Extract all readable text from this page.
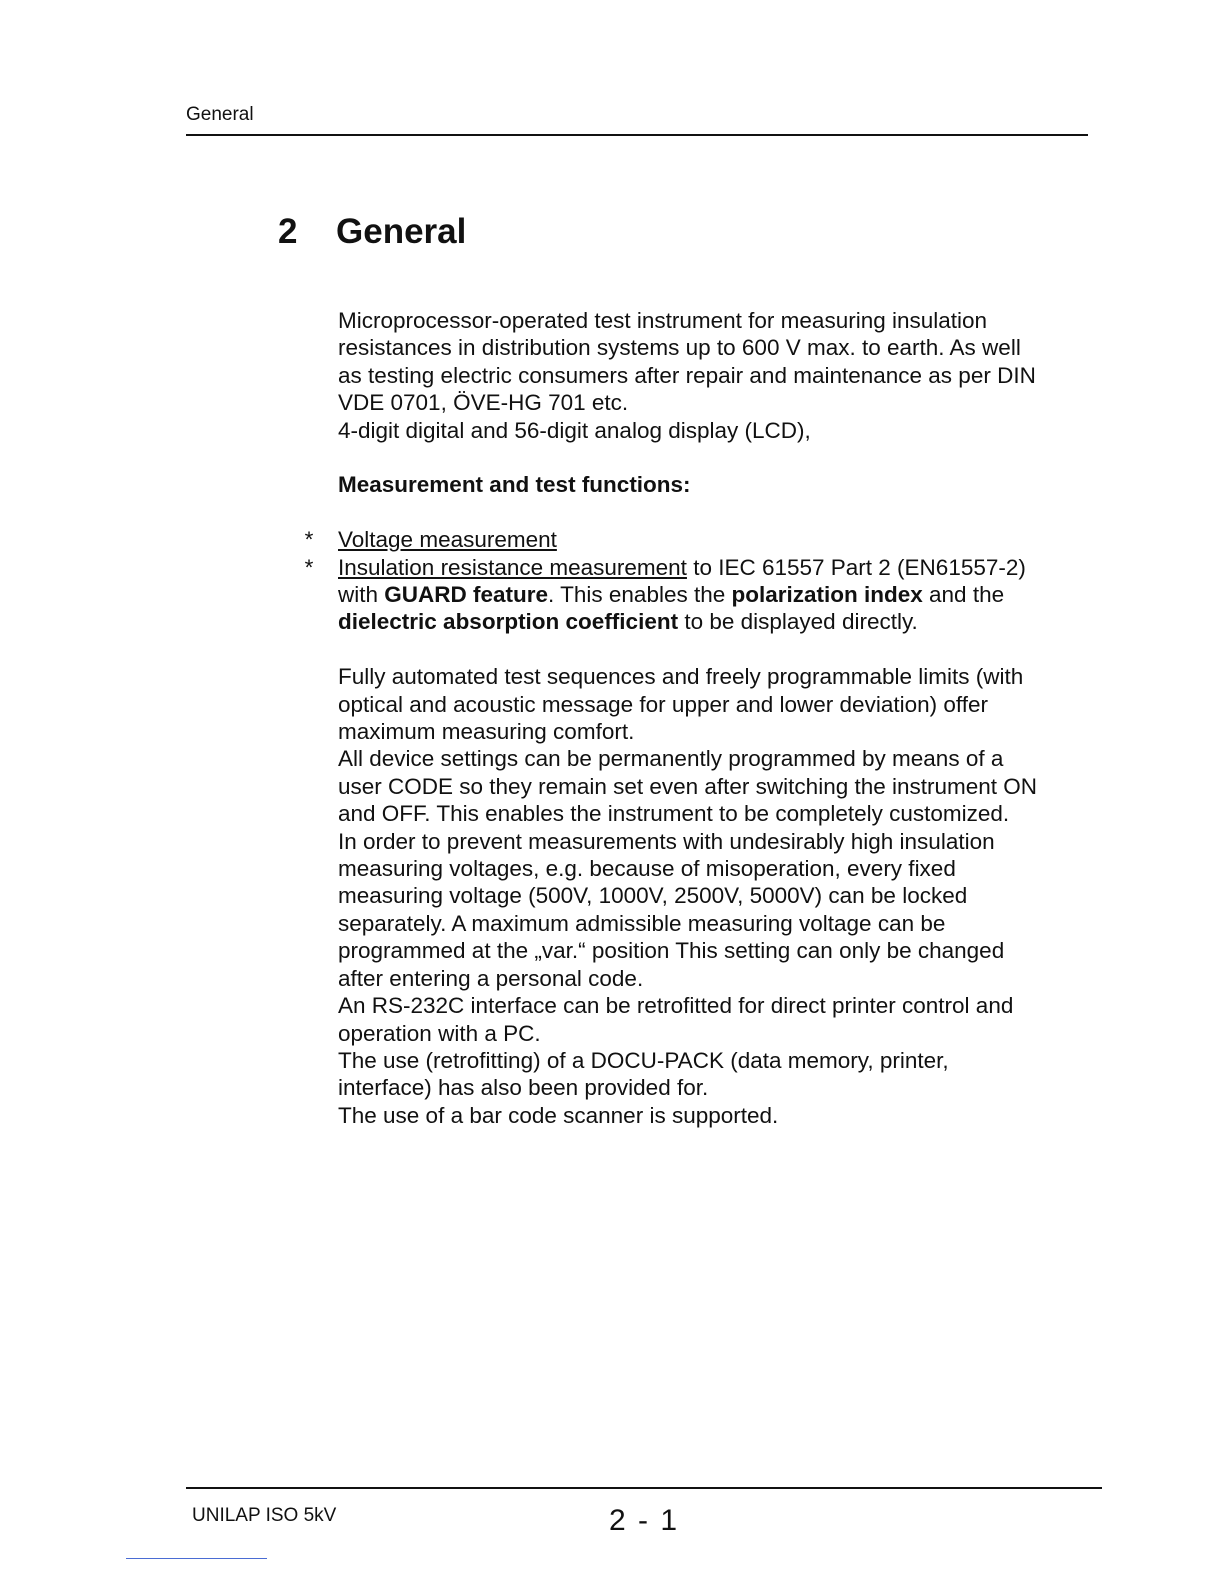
General
2	General
Microprocessor-operated test instrument for measuring insulation
resistances in distribution systems up to 600 V max. to earth. As well
as testing electric consumers after repair and maintenance as per DIN
VDE 0701, ÖVE-HG 701 etc.
4-digit digital and 56-digit analog display (LCD),
Measurement and test functions:
* Voltage measurement
* Insulation resistance measurement to IEC 61557 Part 2 (EN61557-2)
with GUARD feature. This enables the polarization index and the
dielectric absorption coefficient to be displayed directly.
Fully automated test sequences and freely programmable limits (with
optical and acoustic message for upper and lower deviation) offer
maximum measuring comfort.
All device settings can be permanently programmed by means of a
user CODE so they remain set even after switching the instrument ON
and OFF. This enables the instrument to be completely customized.
In order to prevent measurements with undesirably high insulation
measuring voltages, e.g. because of misoperation, every fixed
measuring voltage (500V, 1000V, 2500V, 5000V) can be locked
separately. A maximum admissible measuring voltage can be
programmed at the „var.“ position This setting can only be changed
after entering a personal code.
An RS-232C interface can be retrofitted for direct printer control and
operation with a PC.
The use (retrofitting) of a DOCU-PACK (data memory, printer,
interface) has also been provided for.
The use of a bar code scanner is supported.
UNILAP ISO 5kV	2 - 1
